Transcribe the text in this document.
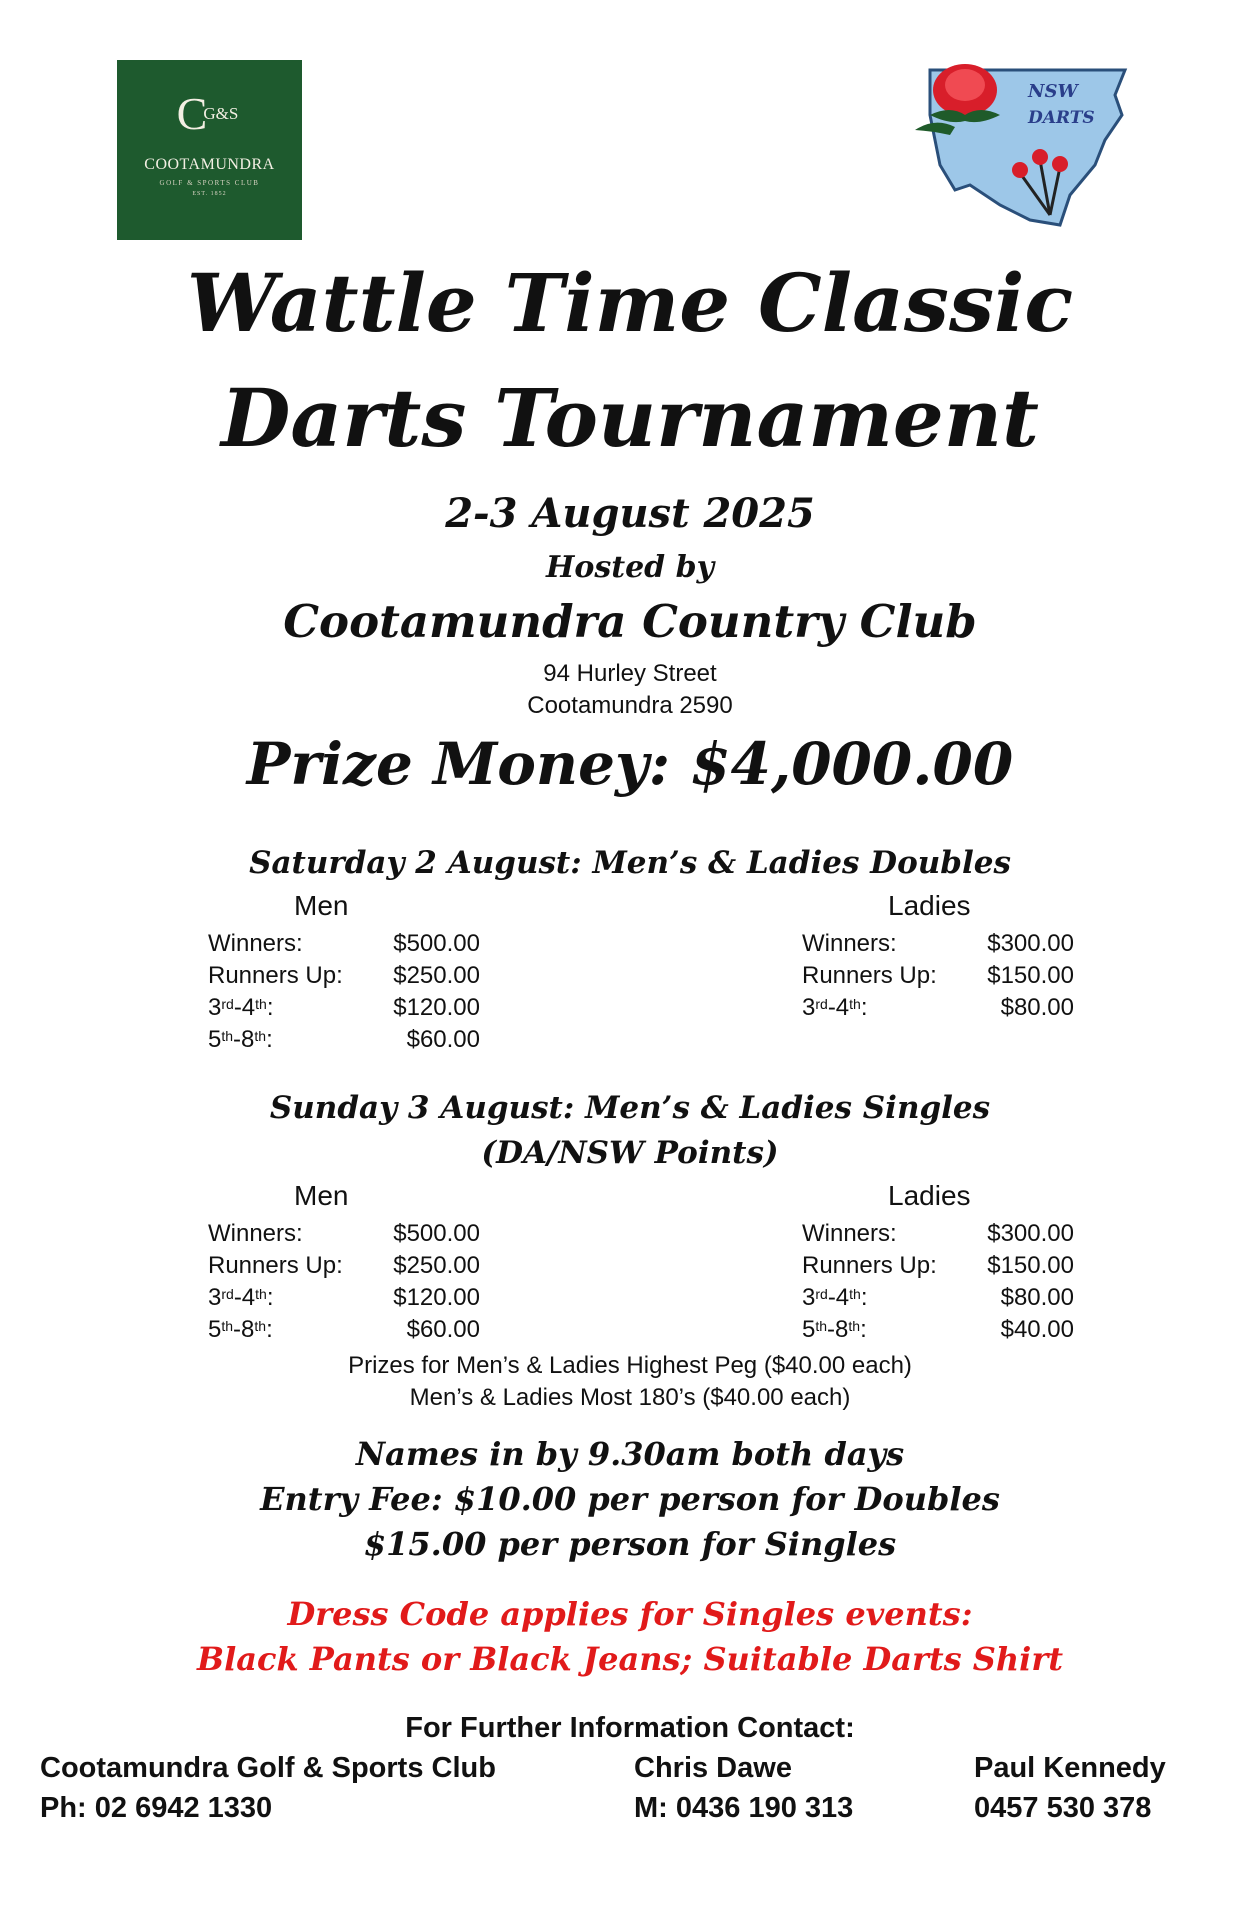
$C^{G\&S}$
COOTAMUNDRA
GOLF & SPORTS CLUB
EST. 1852
NSW
DARTS
Wattle Time Classic
Darts Tournament
2-3 August 2025
Hosted by
Cootamundra Country Club
94 Hurley Street
Cootamundra 2590
Prize Money: $4,000.00
Saturday 2 August: Men’s & Ladies Doubles
Men	Ladies
Winners:	$500.00
Runners Up: $250.00
3rd-4th:	$120.00
5th-8th:	$60.00
Winners:	$300.00
Runners Up: $150.00
3rd-4th:	$80.00
Sunday 3 August: Men’s & Ladies Singles
(DA/NSW Points)
Men	Ladies
Winners:	$500.00
Runners Up: $250.00
3rd-4th:	$120.00
5th-8th:	$60.00
Winners:	$300.00
Runners Up: $150.00
3rd-4th:	$80.00
5th-8th:	$40.00
Prizes for Men’s & Ladies Highest Peg ($40.00 each)
Men’s & Ladies Most 180’s ($40.00 each)
Names in by 9.30am both days
Entry Fee: $10.00 per person for Doubles
$15.00 per person for Singles
Dress Code applies for Singles events:
Black Pants or Black Jeans; Suitable Darts Shirt
For Further Information Contact:
Cootamundra Golf & Sports Club
Ph: 02 6942 1330
Chris Dawe
M: 0436 190 313
Paul Kennedy
0457 530 378
